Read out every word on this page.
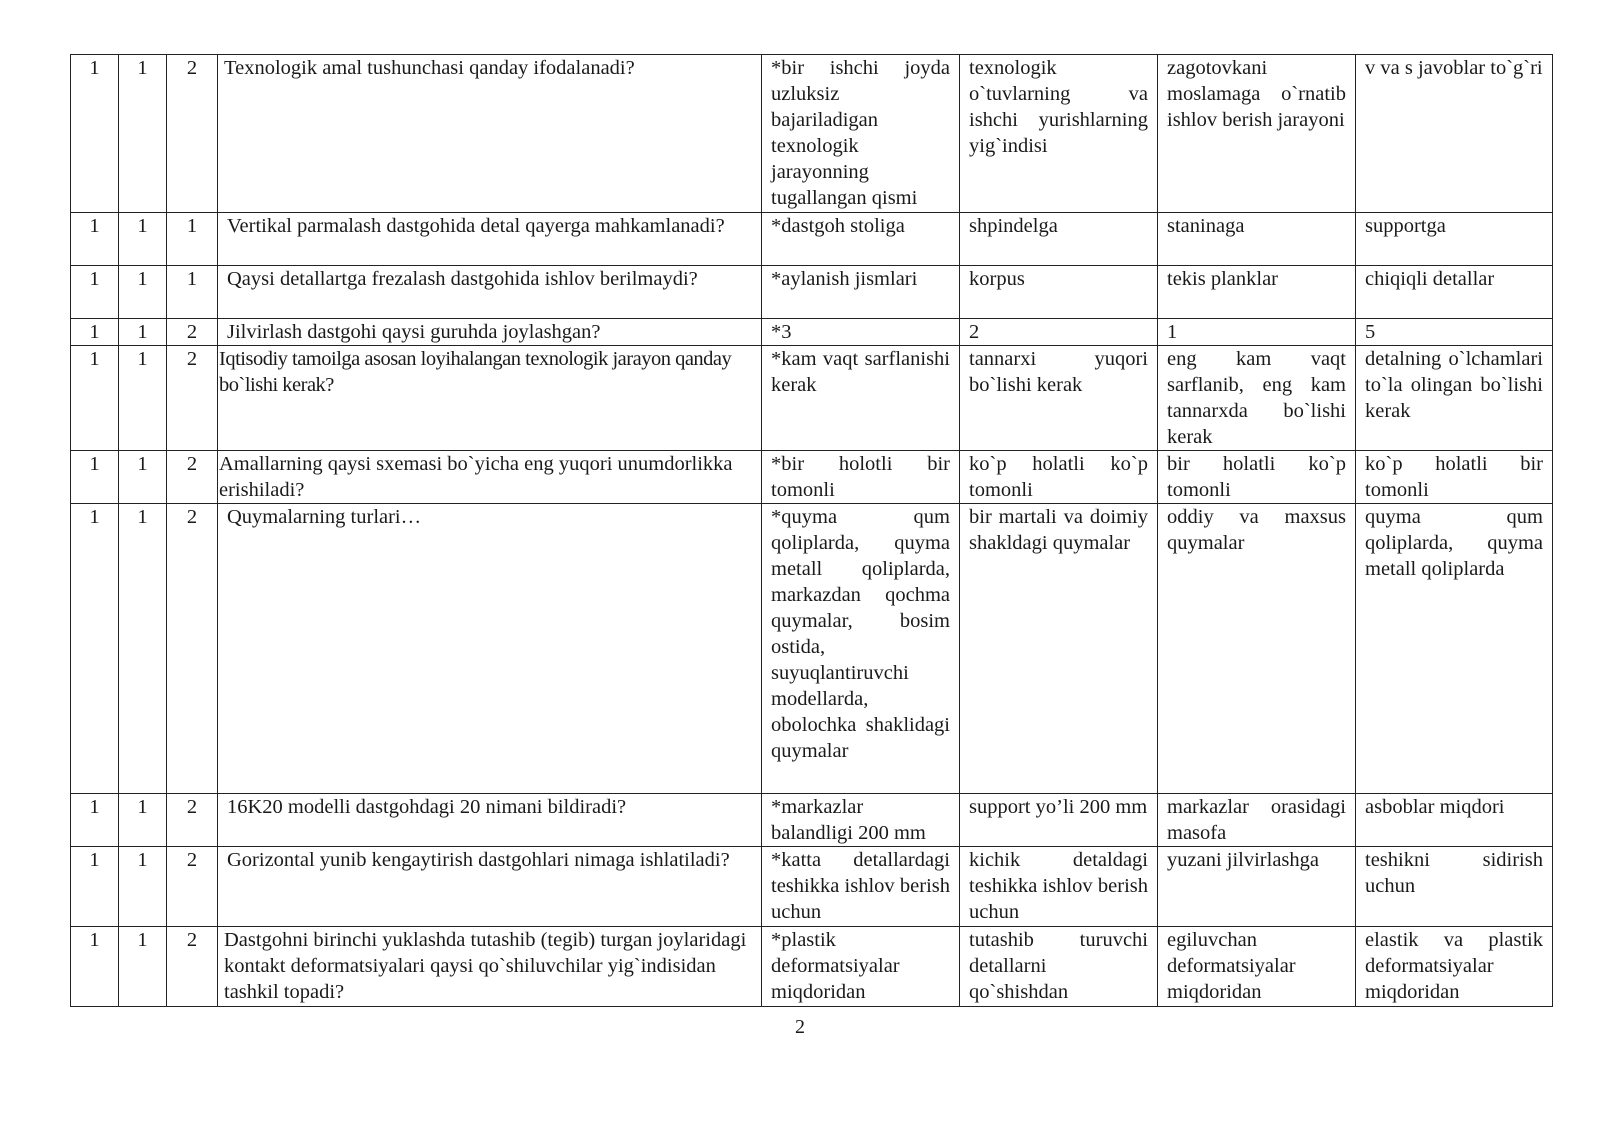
1	1	2	Texnologik amal tushunchasi qanday ifodalanadi?	*bir ishchi joyda uzluksiz bajariladigan texnologik jarayonning tugallangan qismi	texnologik o`tuvlarning va ishchi yurishlarning yig`indisi	zagotovkani moslamaga o`rnatib ishlov berish jarayoni	v va s javoblar to`g`ri
1	1	1	Vertikal parmalash dastgohida detal qayerga mahkamlanadi?	*dastgoh stoliga	shpindelga	staninaga	supportga
1	1	1	Qaysi detallartga frezalash dastgohida ishlov berilmaydi?	*aylanish jismlari	korpus	tekis planklar	chiqiqli detallar
1	1	2	Jilvirlash dastgohi qaysi guruhda joylashgan?	*3	2	1	5
1	1	2	Iqtisodiy tamoilga asosan loyihalangan texnologik jarayon qanday bo`lishi kerak?	*kam vaqt sarflanishi kerak	tannarxi yuqori bo`lishi kerak	eng kam vaqt sarflanib, eng kam tannarxda bo`lishi kerak	detalning o`lchamlari to`la olingan bo`lishi kerak
1	1	2	Amallarning qaysi sxemasi bo`yicha eng yuqori unumdorlikka erishiladi?	*bir holotli bir tomonli	ko`p holatli ko`p tomonli	bir holatli ko`p tomonli	ko`p holatli bir tomonli
1	1	2	Quymalarning turlari…	*quyma qum qoliplarda, quyma metall qoliplarda, markazdan qochma quymalar, bosim ostida, suyuqlantiruvchi modellarda, obolochka shaklidagi quymalar	bir martali va doimiy shakldagi quymalar	oddiy va maxsus quymalar	quyma qum qoliplarda, quyma metall qoliplarda
1	1	2	16K20 modelli dastgohdagi 20 nimani bildiradi?	*markazlar balandligi 200 mm	support yo’li 200 mm	markazlar orasidagi masofa	asboblar miqdori
1	1	2	Gorizontal yunib kengaytirish dastgohlari nimaga ishlatiladi?	*katta detallardagi teshikka ishlov berish uchun	kichik detaldagi teshikka ishlov berish uchun	yuzani jilvirlashga	teshikni sidirish uchun
1	1	2	Dastgohni birinchi yuklashda tutashib (tegib) turgan joylaridagi kontakt deformatsiyalari qaysi qo`shiluvchilar yig`indisidan tashkil topadi?	*plastik deformatsiyalar miqdoridan	tutashib turuvchi detallarni qo`shishdan	egiluvchan deformatsiyalar miqdoridan	elastik va plastik deformatsiyalar miqdoridan
2
